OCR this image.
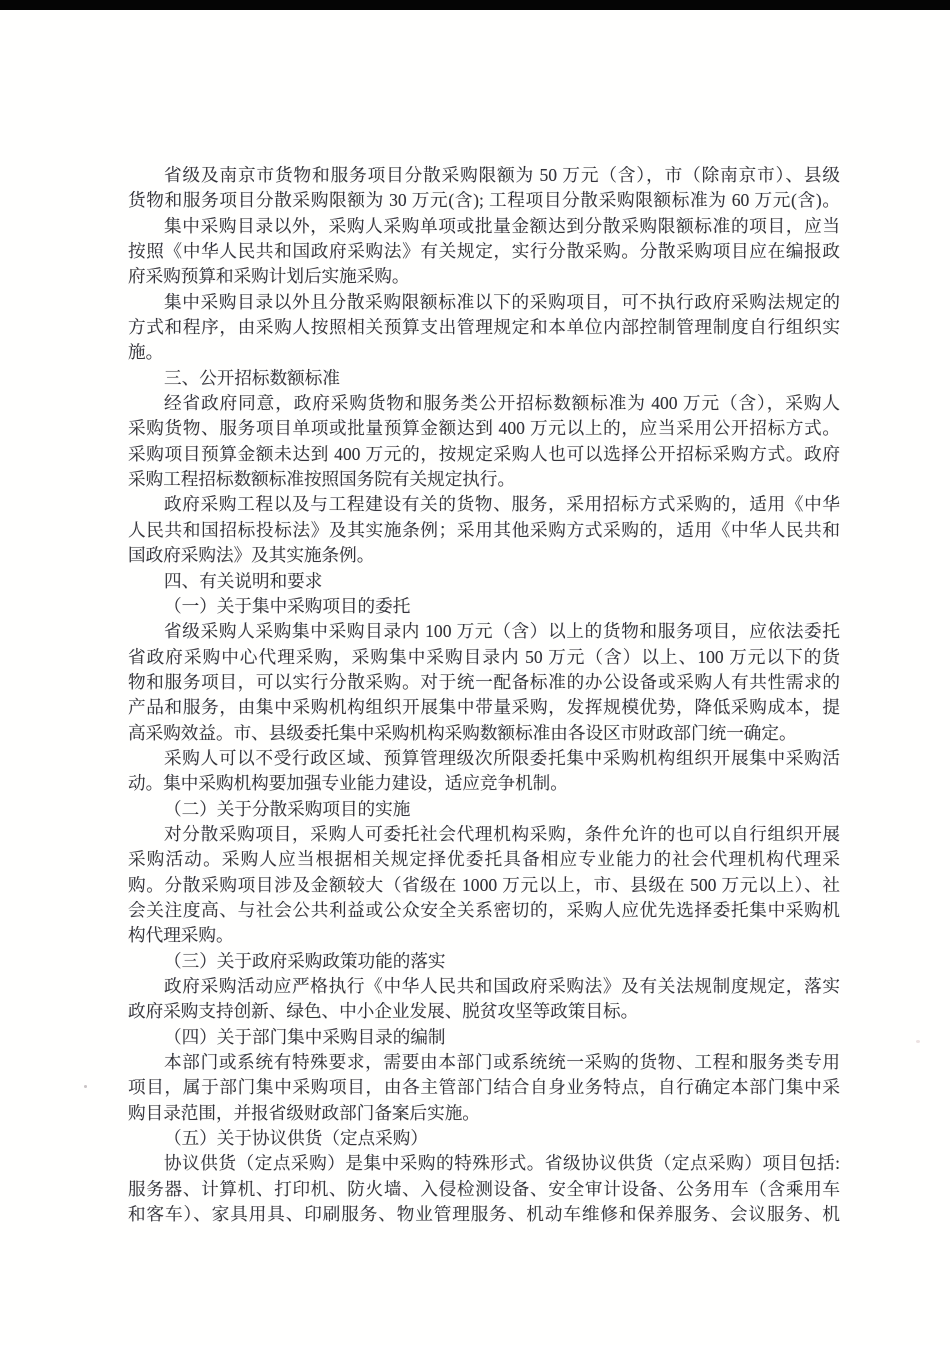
省级及南京市货物和服务项目分散采购限额为 50 万元（含），市（除南京市）、县级
货物和服务项目分散采购限额为 30 万元(含); 工程项目分散采购限额标准为 60 万元(含)。
集中采购目录以外，采购人采购单项或批量金额达到分散采购限额标准的项目，应当
按照《中华人民共和国政府采购法》有关规定，实行分散采购。分散采购项目应在编报政
府采购预算和采购计划后实施采购。
集中采购目录以外且分散采购限额标准以下的采购项目，可不执行政府采购法规定的
方式和程序，由采购人按照相关预算支出管理规定和本单位内部控制管理制度自行组织实
施。
三、公开招标数额标准
经省政府同意，政府采购货物和服务类公开招标数额标准为 400 万元（含），采购人
采购货物、服务项目单项或批量预算金额达到 400 万元以上的，应当采用公开招标方式。
采购项目预算金额未达到 400 万元的，按规定采购人也可以选择公开招标采购方式。政府
采购工程招标数额标准按照国务院有关规定执行。
政府采购工程以及与工程建设有关的货物、服务，采用招标方式采购的，适用《中华
人民共和国招标投标法》及其实施条例；采用其他采购方式采购的，适用《中华人民共和
国政府采购法》及其实施条例。
四、有关说明和要求
（一）关于集中采购项目的委托
省级采购人采购集中采购目录内 100 万元（含）以上的货物和服务项目，应依法委托
省政府采购中心代理采购，采购集中采购目录内 50 万元（含）以上、100 万元以下的货
物和服务项目，可以实行分散采购。对于统一配备标准的办公设备或采购人有共性需求的
产品和服务，由集中采购机构组织开展集中带量采购，发挥规模优势，降低采购成本，提
高采购效益。市、县级委托集中采购机构采购数额标准由各设区市财政部门统一确定。
采购人可以不受行政区域、预算管理级次所限委托集中采购机构组织开展集中采购活
动。集中采购机构要加强专业能力建设，适应竞争机制。
（二）关于分散采购项目的实施
对分散采购项目，采购人可委托社会代理机构采购，条件允许的也可以自行组织开展
采购活动。采购人应当根据相关规定择优委托具备相应专业能力的社会代理机构代理采
购。分散采购项目涉及金额较大（省级在 1000 万元以上，市、县级在 500 万元以上）、社
会关注度高、与社会公共利益或公众安全关系密切的，采购人应优先选择委托集中采购机
构代理采购。
（三）关于政府采购政策功能的落实
政府采购活动应严格执行《中华人民共和国政府采购法》及有关法规制度规定，落实
政府采购支持创新、绿色、中小企业发展、脱贫攻坚等政策目标。
（四）关于部门集中采购目录的编制
本部门或系统有特殊要求，需要由本部门或系统统一采购的货物、工程和服务类专用
项目，属于部门集中采购项目，由各主管部门结合自身业务特点，自行确定本部门集中采
购目录范围，并报省级财政部门备案后实施。
（五）关于协议供货（定点采购）
协议供货（定点采购）是集中采购的特殊形式。省级协议供货（定点采购）项目包括:
服务器、计算机、打印机、防火墙、入侵检测设备、安全审计设备、公务用车（含乘用车
和客车）、家具用具、印刷服务、物业管理服务、机动车维修和保养服务、会议服务、机
